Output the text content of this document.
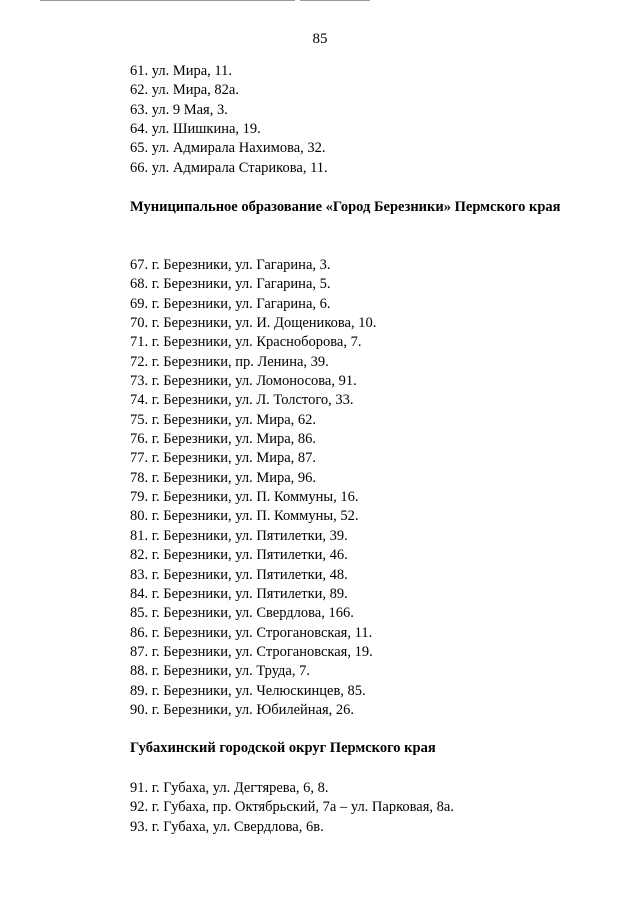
85
61. ул. Мира, 11.
62. ул. Мира, 82а.
63. ул. 9 Мая, 3.
64. ул. Шишкина, 19.
65. ул. Адмирала Нахимова, 32.
66. ул. Адмирала Старикова, 11.

Муниципальное образование «Город Березники» Пермского края

67. г. Березники, ул. Гагарина, 3.
68. г. Березники, ул. Гагарина, 5.
69. г. Березники, ул. Гагарина, 6.
70. г. Березники, ул. И. Дощеникова, 10.
71. г. Березники, ул. Красноборова, 7.
72. г. Березники, пр. Ленина, 39.
73. г. Березники, ул. Ломоносова, 91.
74. г. Березники, ул. Л. Толстого, 33.
75. г. Березники, ул. Мира, 62.
76. г. Березники, ул. Мира, 86.
77. г. Березники, ул. Мира, 87.
78. г. Березники, ул. Мира, 96.
79. г. Березники, ул. П. Коммуны, 16.
80. г. Березники, ул. П. Коммуны, 52.
81. г. Березники, ул. Пятилетки, 39.
82. г. Березники, ул. Пятилетки, 46.
83. г. Березники, ул. Пятилетки, 48.
84. г. Березники, ул. Пятилетки, 89.
85. г. Березники, ул. Свердлова, 166.
86. г. Березники, ул. Строгановская, 11.
87. г. Березники, ул. Строгановская, 19.
88. г. Березники, ул. Труда, 7.
89. г. Березники, ул. Челюскинцев, 85.
90. г. Березники, ул. Юбилейная, 26.

Губахинский городской округ Пермского края

91. г. Губаха, ул. Дегтярева, 6, 8.
92. г. Губаха, пр. Октябрьский, 7а – ул. Парковая, 8а.
93. г. Губаха, ул. Свердлова, 6в.
